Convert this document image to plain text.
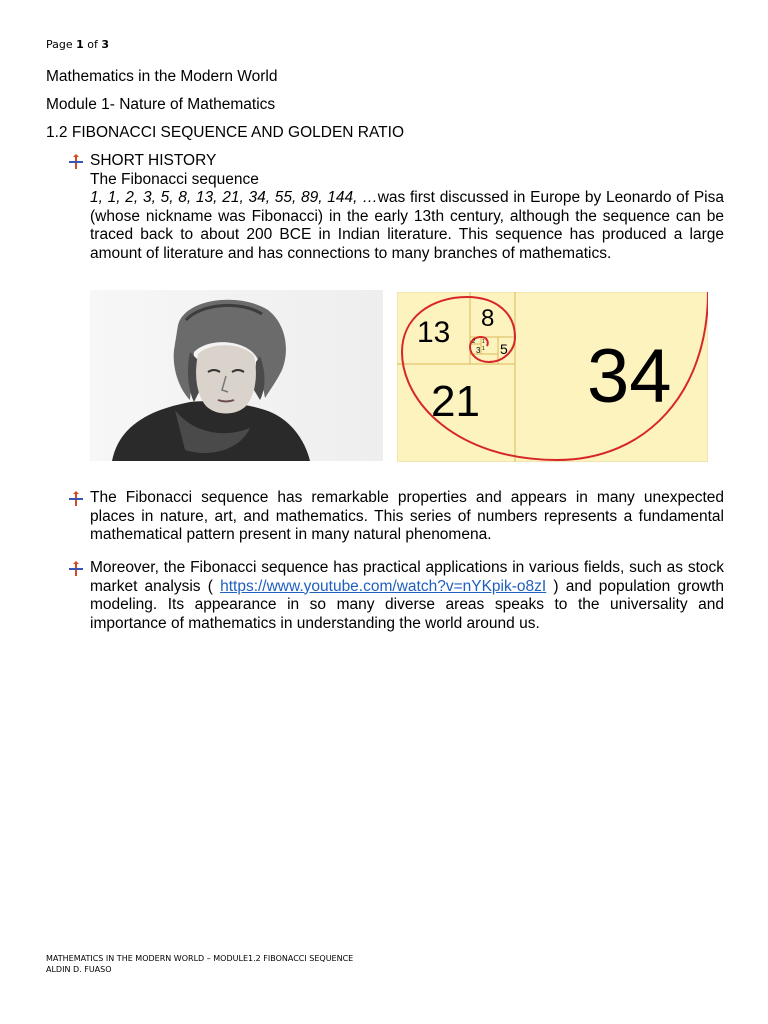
Page 1 of 3
Mathematics in the Modern World
Module 1- Nature of Mathematics
1.2 FIBONACCI SEQUENCE AND GOLDEN RATIO

SHORT HISTORY

The Fibonacci sequence

1, 1, 2, 3, 5, 8, 13, 21, 34, 55, 89, 144, …was first discussed in Europe by Leonardo of Pisa (whose nickname was Fibonacci) in the early 13th century, although the sequence can be traced back to about 200 BCE in Indian literature. This sequence has produced a large amount of literature and has connections to many branches of mathematics.

34
21
13 8
5
3
2 1
1

The Fibonacci sequence has remarkable properties and appears in many unexpected places in nature, art, and mathematics. This series of numbers represents a fundamental mathematical pattern present in many natural phenomena.

Moreover, the Fibonacci sequence has practical applications in various fields, such as stock market analysis ( https://www.youtube.com/watch?v=nYKpik-o8zI ) and population growth modeling. Its appearance in so many diverse areas speaks to the universality and importance of mathematics in understanding the world around us.

MATHEMATICS IN THE MODERN WORLD – MODULE1.2 FIBONACCI SEQUENCE
ALDIN D. FUASO
